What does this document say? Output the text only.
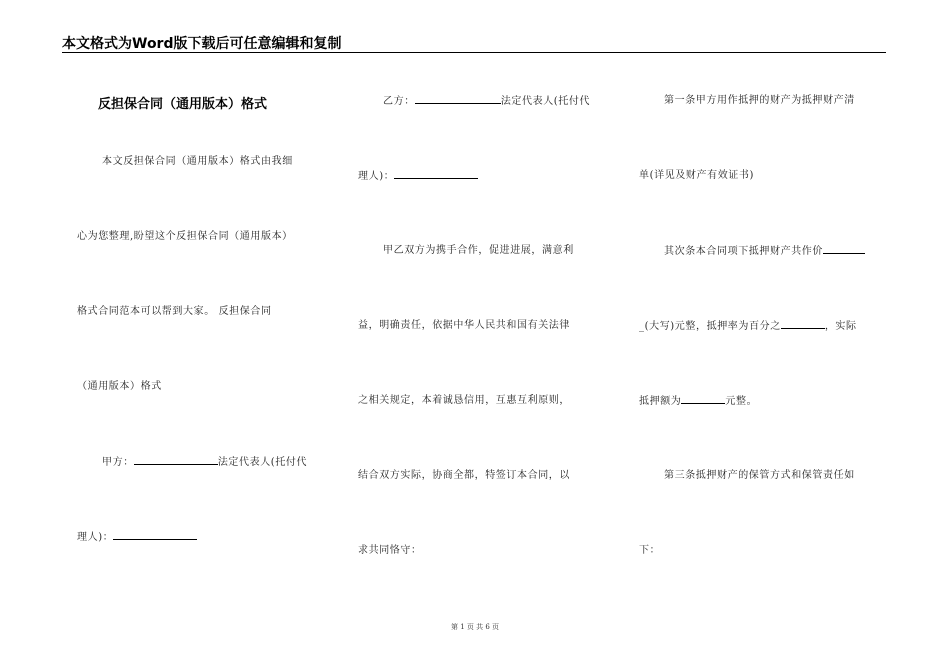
本文格式为Word版下载后可任意编辑和复制
反担保合同（通用版本）格式
本文反担保合同（通用版本）格式由我细
心为您整理,盼望这个反担保合同（通用版本）
格式合同范本可以帮到大家。 反担保合同
（通用版本）格式
甲方：	法定代表人(托付代
理人)：
乙方：	法定代表人(托付代
理人)：
甲乙双方为携手合作，促进进展，满意利
益，明确责任，依据中华人民共和国有关法律
之相关规定，本着诚恳信用，互惠互利原则，
结合双方实际，协商全都，特签订本合同，以
求共同恪守：
第一条甲方用作抵押的财产为抵押财产清
单(详见及财产有效证书)
其次条本合同项下抵押财产共作价
_(大写)元整，抵押率为百分之	，实际
抵押额为	元整。
第三条抵押财产的保管方式和保管责任如
下：
第 1 页 共 6 页
